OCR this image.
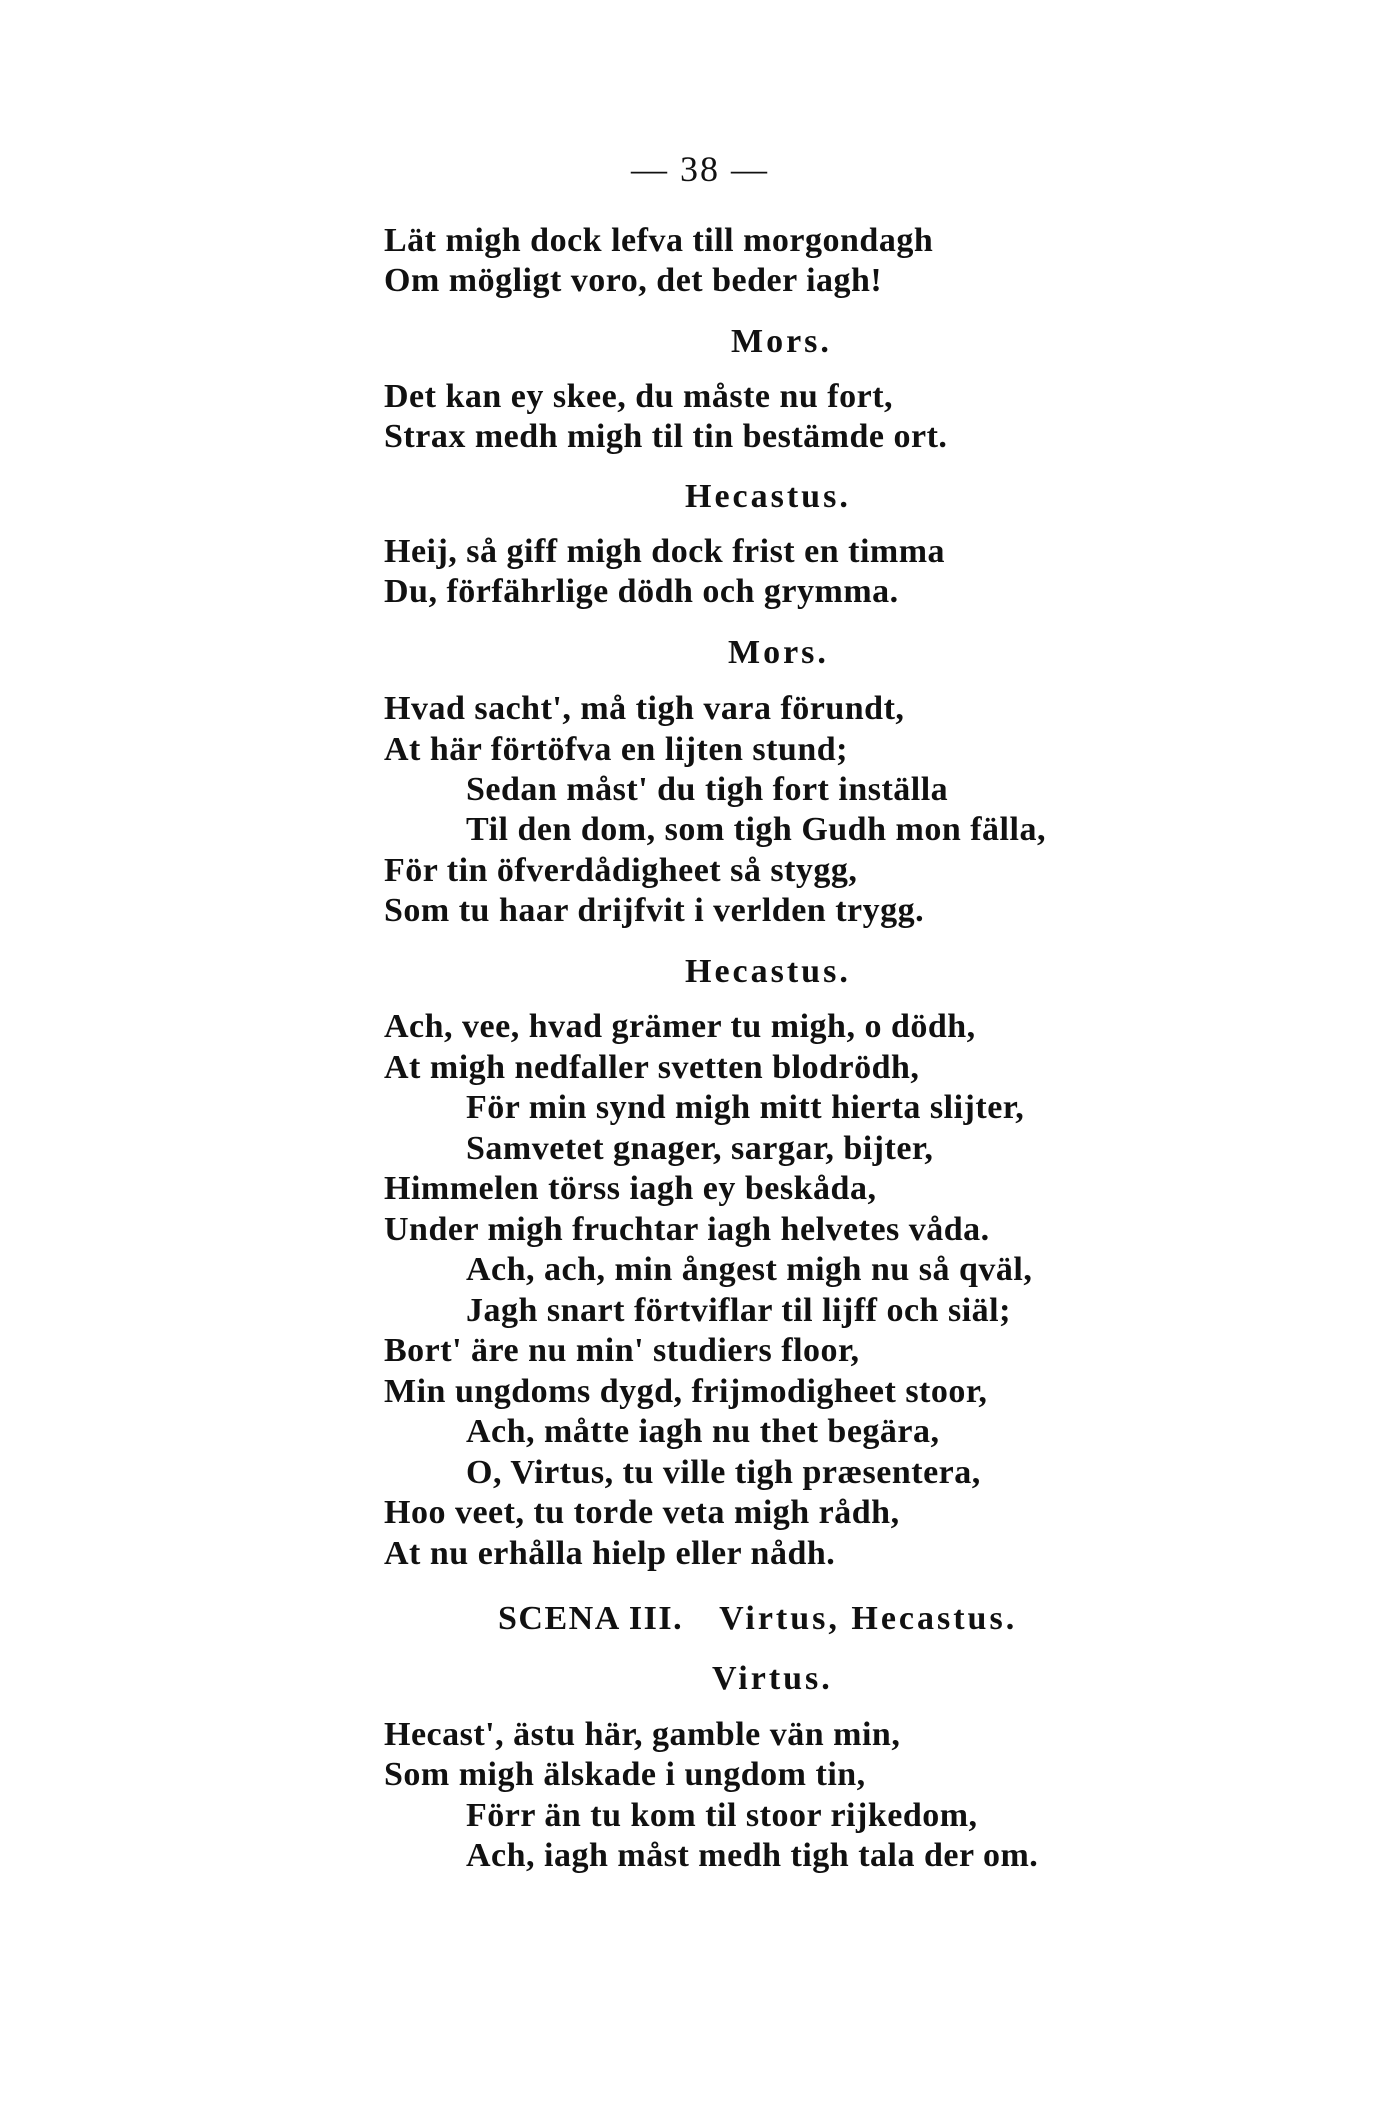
— 38 —
Lät migh dock lefva till morgondagh
Om mögligt voro, det beder iagh!
Mors.
Det kan ey skee, du måste nu fort,
Strax medh migh til tin bestämde ort.
Hecastus.
Heij, så giff migh dock frist en timma
Du, förfährlige dödh och grymma.
Mors.
Hvad sacht', må tigh vara förundt,
At här förtöfva en lijten stund;
Sedan måst' du tigh fort inställa
Til den dom, som tigh Gudh mon fälla,
För tin öfverdådigheet så stygg,
Som tu haar drijfvit i verlden trygg.
Hecastus.
Ach, vee, hvad grämer tu migh, o dödh,
At migh nedfaller svetten blodrödh,
För min synd migh mitt hierta slijter,
Samvetet gnager, sargar, bijter,
Himmelen törss iagh ey beskåda,
Under migh fruchtar iagh helvetes våda.
Ach, ach, min ångest migh nu så qväl,
Jagh snart förtviflar til lijff och siäl;
Bort' äre nu min' studiers floor,
Min ungdoms dygd, frijmodigheet stoor,
Ach, måtte iagh nu thet begära,
O, Virtus, tu ville tigh præsentera,
Hoo veet, tu torde veta migh rådh,
At nu erhålla hielp eller nådh.
SCENA III. Virtus, Hecastus.
Virtus.
Hecast', ästu här, gamble vän min,
Som migh älskade i ungdom tin,
Förr än tu kom til stoor rijkedom,
Ach, iagh måst medh tigh tala der om.
